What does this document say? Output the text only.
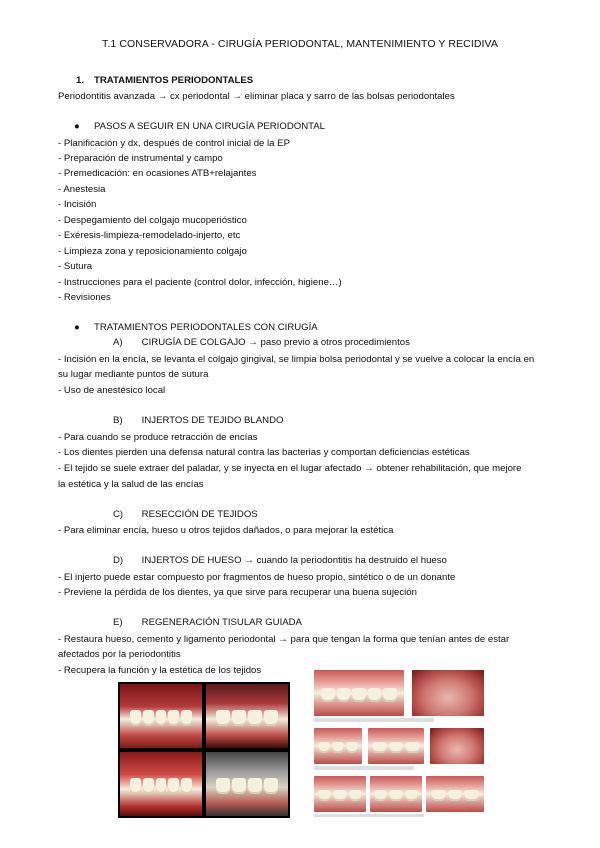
T.1 CONSERVADORA - CIRUGÍA PERIODONTAL, MANTENIMIENTO Y RECIDIVA
1. TRATAMIENTOS PERIODONTALES
Periodontitis avanzada → cx periodontal → eliminar placa y sarro de las bolsas periodontales
● PASOS A SEGUIR EN UNA CIRUGÍA PERIODONTAL
- Planificación y dx, después de control inicial de la EP
- Preparación de instrumental y campo
- Premedicación: en ocasiones ATB+relajantes
- Anestesia
- Incisión
- Despegamiento del colgajo mucoperióstico
- Exéresis-limpieza-remodelado-injerto, etc
- Limpieza zona y reposicionamiento colgajo
- Sutura
- Instrucciones para el paciente (control dolor, infección, higiene…)
- Revisiones
● TRATAMIENTOS PERIODONTALES CON CIRUGÍA
A) CIRUGÍA DE COLGAJO → paso previo a otros procedimientos
- Incisión en la encía, se levanta el colgajo gingival, se limpia bolsa periodontal y se vuelve a colocar la encía en
su lugar mediante puntos de sutura
- Uso de anestésico local
B) INJERTOS DE TEJIDO BLANDO
- Para cuando se produce retracción de encías
- Los dientes pierden una defensa natural contra las bacterias y comportan deficiencias estéticas
- El tejido se suele extraer del paladar, y se inyecta en el lugar afectado → obtener rehabilitación, que mejore
la estética y la salud de las encías
C) RESECCIÓN DE TEJIDOS
- Para eliminar encía, hueso u otros tejidos dañados, o para mejorar la estética
D) INJERTOS DE HUESO → cuando la periodontitis ha destruido el hueso
- El injerto puede estar compuesto por fragmentos de hueso propio, sintético o de un donante
- Previene la pérdida de los dientes, ya que sirve para recuperar una buena sujeción
E) REGENERACIÓN TISULAR GUIADA
- Restaura hueso, cemento y ligamento periodontal → para que tengan la forma que tenían antes de estar
afectados por la periodontitis
- Recupera la función y la estética de los tejidos
